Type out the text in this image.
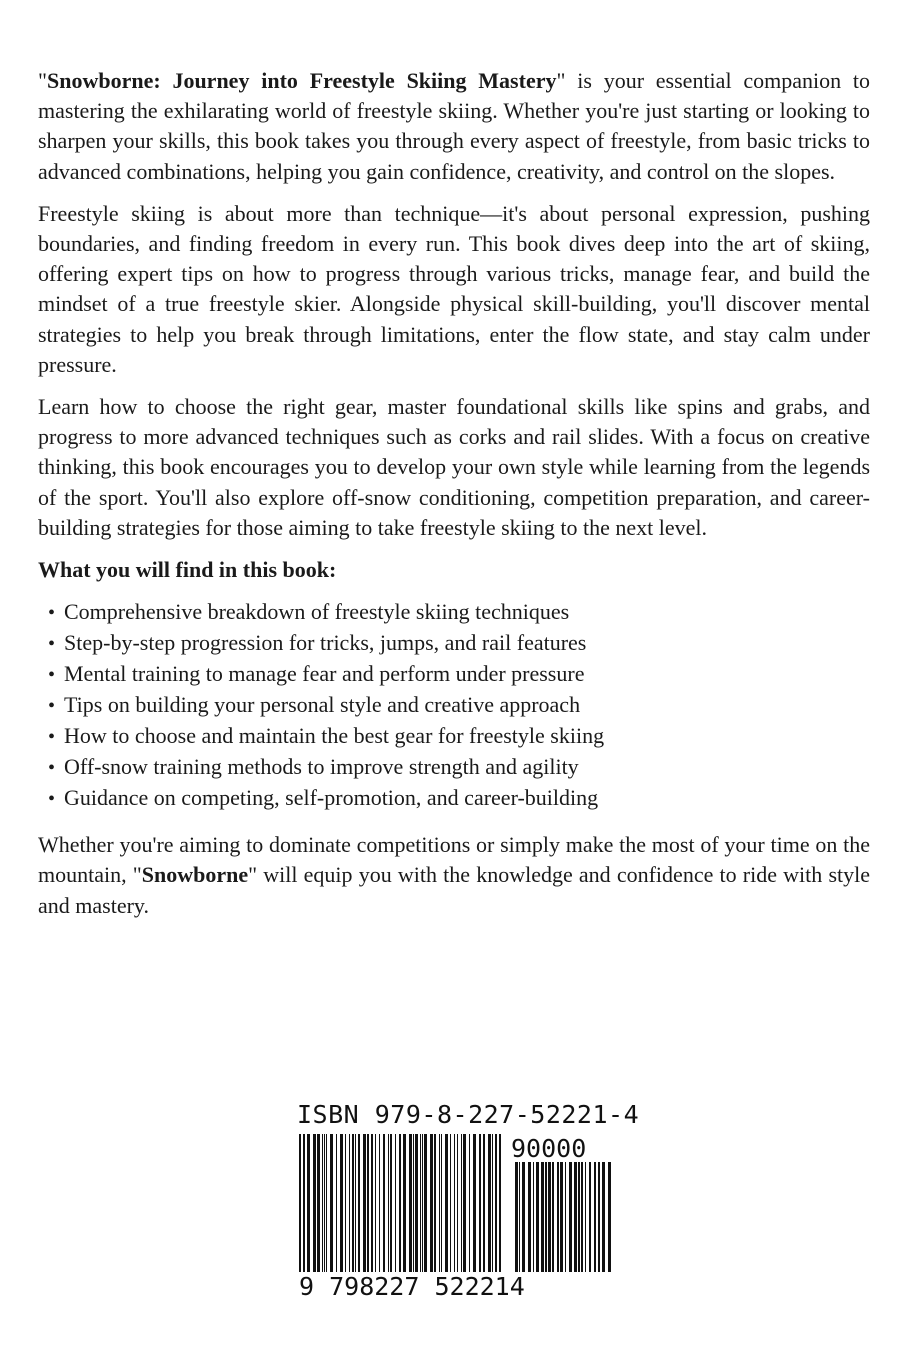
"Snowborne: Journey into Freestyle Skiing Mastery" is your essential companion to mastering the exhilarating world of freestyle skiing. Whether you're just starting or looking to sharpen your skills, this book takes you through every aspect of freestyle, from basic tricks to advanced combinations, helping you gain confidence, creativity, and control on the slopes.

Freestyle skiing is about more than technique—it's about personal expression, pushing boundaries, and finding freedom in every run. This book dives deep into the art of skiing, offering expert tips on how to progress through various tricks, manage fear, and build the mindset of a true freestyle skier. Alongside physical skill-building, you'll discover mental strategies to help you break through limitations, enter the flow state, and stay calm under pressure.

Learn how to choose the right gear, master foundational skills like spins and grabs, and progress to more advanced techniques such as corks and rail slides. With a focus on creative thinking, this book encourages you to develop your own style while learning from the legends of the sport. You'll also explore off-snow conditioning, competition preparation, and career-building strategies for those aiming to take freestyle skiing to the next level.

What you will find in this book:
• Comprehensive breakdown of freestyle skiing techniques
• Step-by-step progression for tricks, jumps, and rail features
• Mental training to manage fear and perform under pressure
• Tips on building your personal style and creative approach
• How to choose and maintain the best gear for freestyle skiing
• Off-snow training methods to improve strength and agility
• Guidance on competing, self-promotion, and career-building

Whether you're aiming to dominate competitions or simply make the most of your time on the mountain, "Snowborne" will equip you with the knowledge and confidence to ride with style and mastery.

ISBN 979-8-227-52221-4
90000
9 798227 522214
